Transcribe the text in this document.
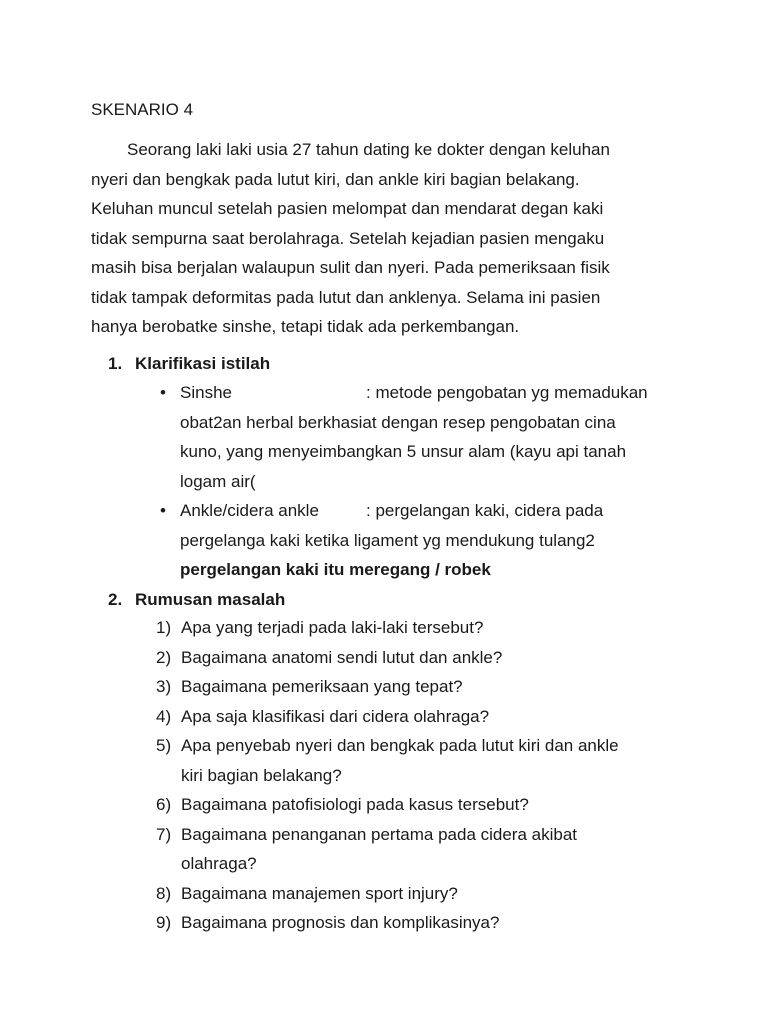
SKENARIO 4
Seorang laki laki usia 27 tahun dating ke dokter dengan keluhan
nyeri dan bengkak pada lutut kiri, dan ankle kiri bagian belakang.
Keluhan muncul setelah pasien melompat dan mendarat degan kaki
tidak sempurna saat berolahraga. Setelah kejadian pasien mengaku
masih bisa berjalan walaupun sulit dan nyeri. Pada pemeriksaan fisik
tidak tampak deformitas pada lutut dan anklenya. Selama ini pasien
hanya berobatke sinshe, tetapi tidak ada perkembangan.
1. Klarifikasi istilah
• Sinshe	: metode pengobatan yg memadukan
obat2an herbal berkhasiat dengan resep pengobatan cina
kuno, yang menyeimbangkan 5 unsur alam (kayu api tanah
logam air(
• Ankle/cidera ankle	: pergelangan kaki, cidera pada
pergelanga kaki ketika ligament yg mendukung tulang2
pergelangan kaki itu meregang / robek
2. Rumusan masalah
1) Apa yang terjadi pada laki-laki tersebut?
2) Bagaimana anatomi sendi lutut dan ankle?
3) Bagaimana pemeriksaan yang tepat?
4) Apa saja klasifikasi dari cidera olahraga?
5) Apa penyebab nyeri dan bengkak pada lutut kiri dan ankle
kiri bagian belakang?
6) Bagaimana patofisiologi pada kasus tersebut?
7) Bagaimana penanganan pertama pada cidera akibat
olahraga?
8) Bagaimana manajemen sport injury?
9) Bagaimana prognosis dan komplikasinya?
